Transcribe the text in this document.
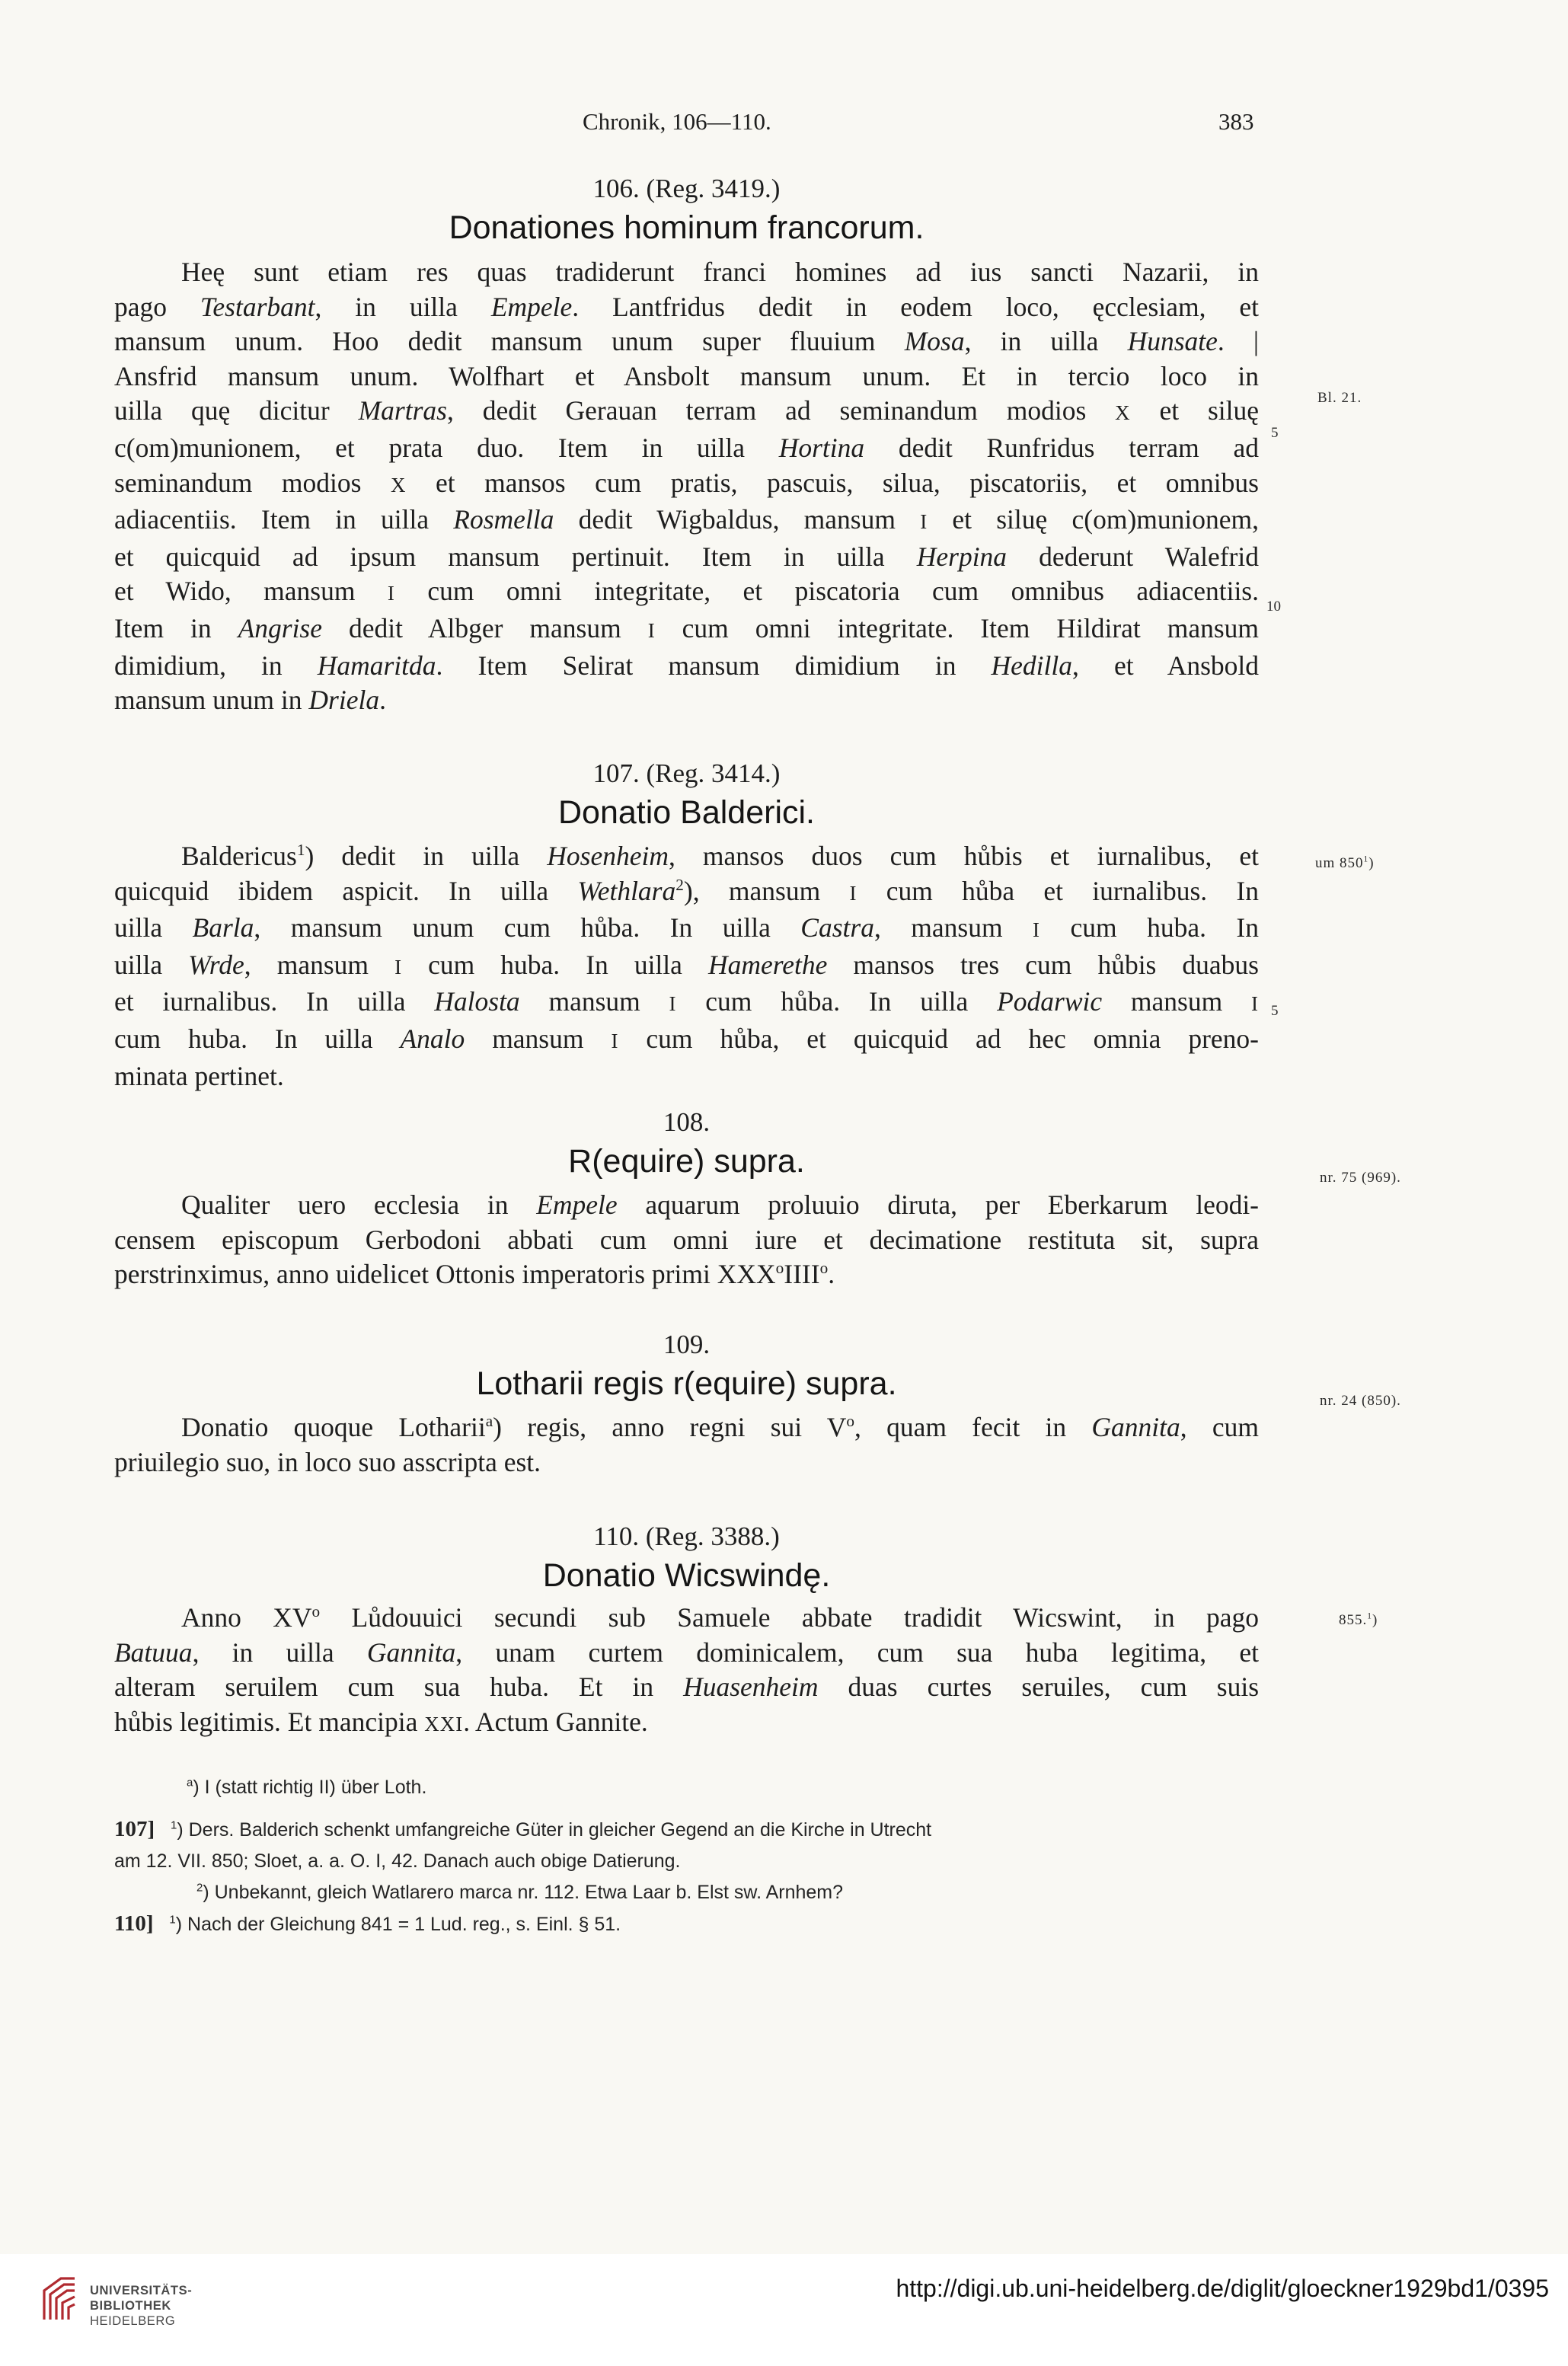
Chronik, 106—110.	383
106. (Reg. 3419.)
Donationes hominum francorum.
Heę sunt etiam res quas tradiderunt franci homines ad ius sancti Nazarii, in
pago Testarbant, in uilla Empele. Lantfridus dedit in eodem loco, ęcclesiam, et
mansum unum. Hoo dedit mansum unum super fluuium Mosa, in uilla Hunsate. |
Ansfrid mansum unum. Wolfhart et Ansbolt mansum unum. Et in tercio loco in
uilla quę dicitur Martras, dedit Gerauan terram ad seminandum modios X et siluę
c(om)munionem, et prata duo. Item in uilla Hortina dedit Runfridus terram ad
seminandum modios X et mansos cum pratis, pascuis, silua, piscatoriis, et omnibus
adiacentiis. Item in uilla Rosmella dedit Wigbaldus, mansum I et siluę c(om)munionem,
et quicquid ad ipsum mansum pertinuit. Item in uilla Herpina dederunt Walefrid
et Wido, mansum I cum omni integritate, et piscatoria cum omnibus adiacentiis.
Item in Angrise dedit Albger mansum I cum omni integritate. Item Hildirat mansum
dimidium, in Hamaritda. Item Selirat mansum dimidium in Hedilla, et Ansbold
mansum unum in Driela.
107. (Reg. 3414.)
Donatio Balderici.
Baldericus$^1$) dedit in uilla Hosenheim, mansos duos cum hůbis et iurnalibus, et
quicquid ibidem aspicit. In uilla Wethlara$^2$), mansum I cum hůba et iurnalibus. In
uilla Barla, mansum unum cum hůba. In uilla Castra, mansum I cum huba. In
uilla Wrde, mansum I cum huba. In uilla Hamerethe mansos tres cum hůbis duabus
et iurnalibus. In uilla Halosta mansum I cum hůba. In uilla Podarwic mansum I
cum huba. In uilla Analo mansum I cum hůba, et quicquid ad hec omnia preno-
minata pertinet.
108.
R(equire) supra.
Qualiter uero ecclesia in Empele aquarum proluuio diruta, per Eberkarum leodi-
censem episcopum Gerbodoni abbati cum omni iure et decimatione restituta sit, supra
perstrinximus, anno uidelicet Ottonis imperatoris primi XXX$^o$IIII$^o$.
109.
Lotharii regis r(equire) supra.
Donatio quoque Lotharii$^a$) regis, anno regni sui $V^o$, quam fecit in Gannita, cum
priuilegio suo, in loco suo asscripta est.
110. (Reg. 3388.)
Donatio Wicswindę.
Anno $XV^o$ Lůdouuici secundi sub Samuele abbate tradidit Wicswint, in pago
Batuua, in uilla Gannita, unam curtem dominicalem, cum sua huba legitima, et
alteram seruilem cum sua huba. Et in Huasenheim duas curtes seruiles, cum suis
hůbis legitimis. Et mancipia XXI. Actum Gannite.
Bl. 21.
um $850^1$)
nr. 75 (969).
nr. 24 (850).
855.$^1$)
5
10
5
$^a$) I (statt richtig II) über Loth.
107] $^1$) Ders. Balderich schenkt umfangreiche Güter in gleicher Gegend an die Kirche in Utrecht
am 12. VII. 850; Sloet, a. a. O. I, 42. Danach auch obige Datierung.
$^2$) Unbekannt, gleich Watlarero marca nr. 112. Etwa Laar b. Elst sw. Arnhem?
110] $^1$) Nach der Gleichung 841 = 1 Lud. reg., s. Einl. § 51.
UNIVERSITÄTS-
BIBLIOTHEK
HEIDELBERG
http://digi.ub.uni-heidelberg.de/diglit/gloeckner1929bd1/0395
